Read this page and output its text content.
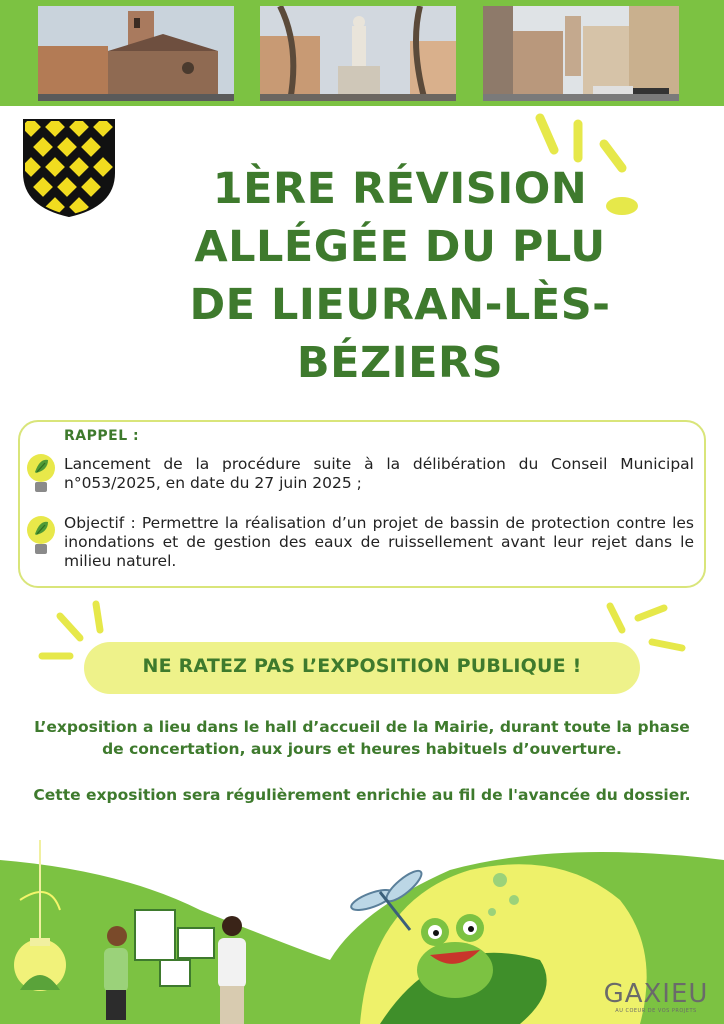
1ÈRE RÉVISION
ALLÉGÉE DU PLU
DE LIEURAN-LÈS-
BÉZIERS
RAPPEL :
Lancement de la procédure suite à la délibération du Conseil Municipal n°053/2025, en date du 27 juin 2025 ;
Objectif : Permettre la réalisation d’un projet de bassin de protection contre les inondations et de gestion des eaux de ruissellement avant leur rejet dans le milieu naturel.
NE RATEZ PAS L’EXPOSITION PUBLIQUE !
L’exposition a lieu dans le hall d’accueil de la Mairie, durant toute la phase de concertation, aux jours et heures habituels d’ouverture.
Cette exposition sera régulièrement enrichie au fil de l'avancée du dossier.
GAXIEU
AU COEUR DE VOS PROJETS
